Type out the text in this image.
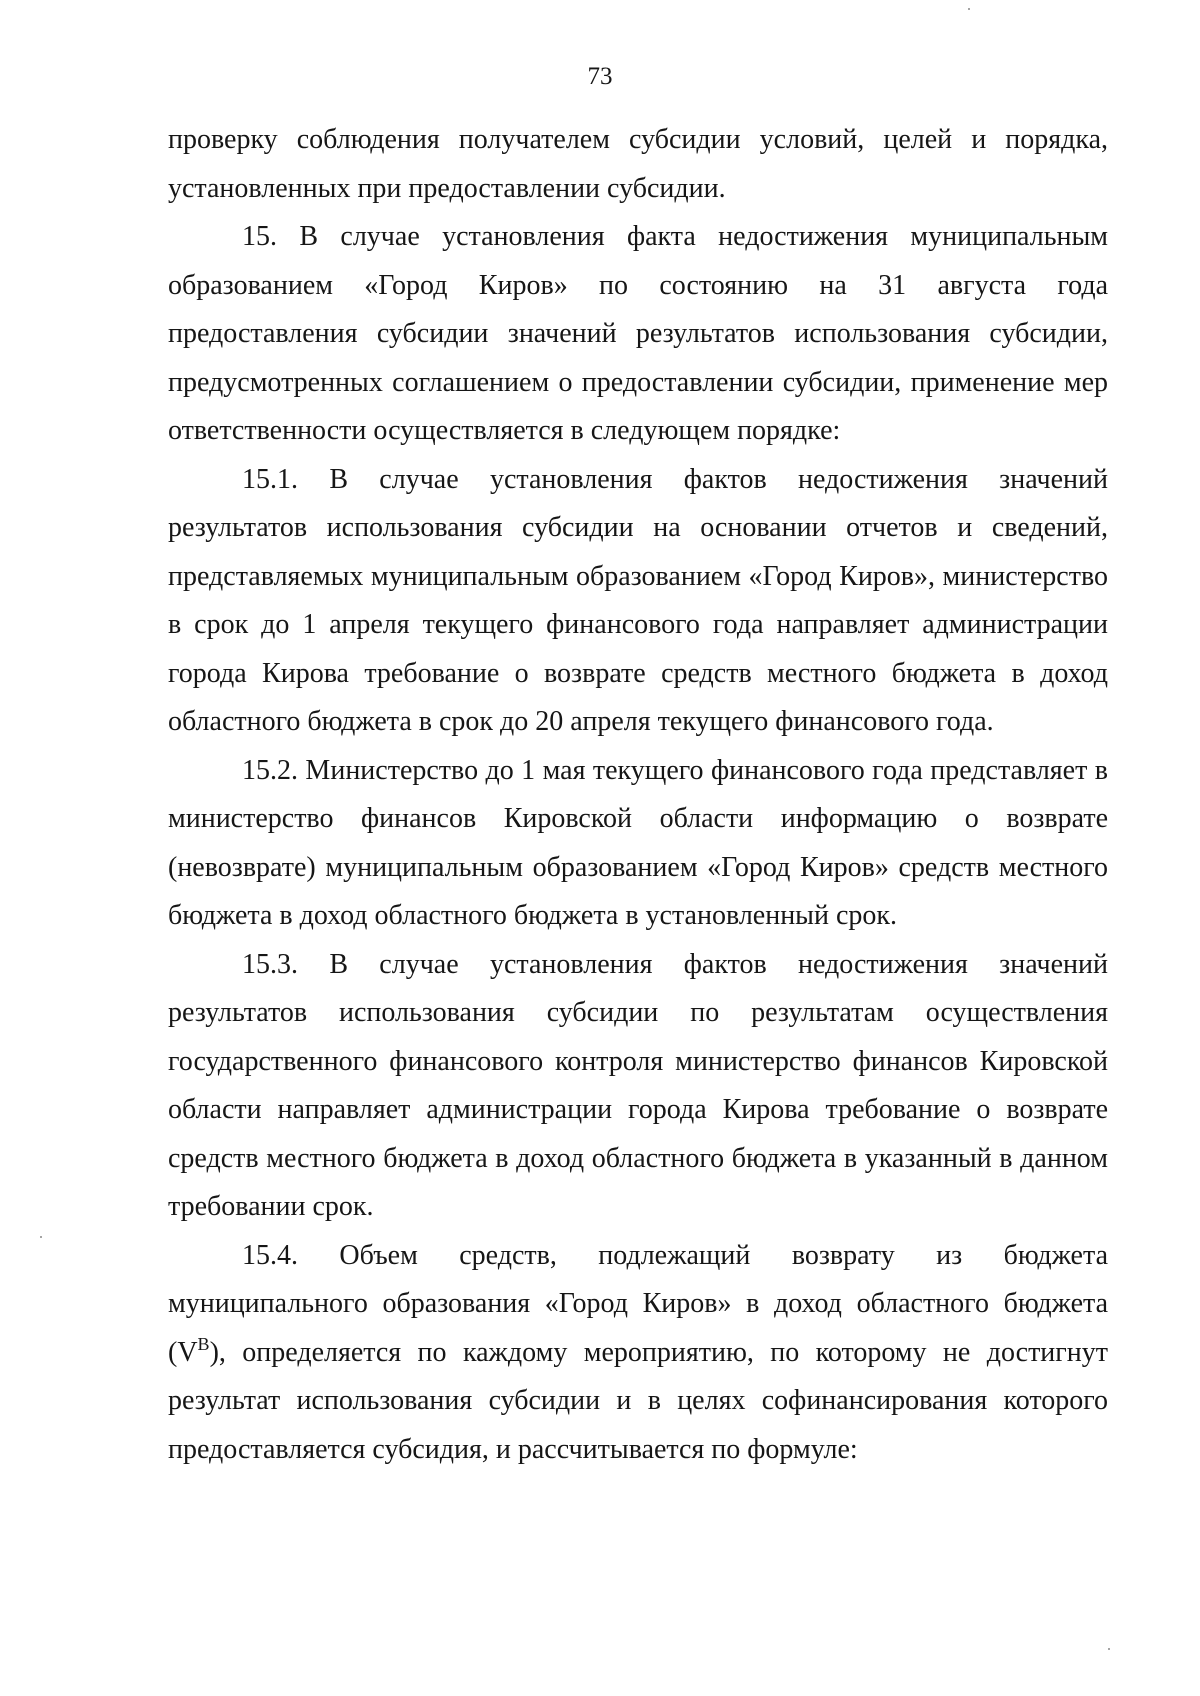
73

проверку соблюдения получателем субсидии условий, целей и порядка, установленных при предоставлении субсидии.

15. В случае установления факта недостижения муниципальным образованием «Город Киров» по состоянию на 31 августа года предоставления субсидии значений результатов использования субсидии, предусмотренных соглашением о предоставлении субсидии, применение мер ответственности осуществляется в следующем порядке:

15.1. В случае установления фактов недостижения значений результатов использования субсидии на основании отчетов и сведений, представляемых муниципальным образованием «Город Киров», министерство в срок до 1 апреля текущего финансового года направляет администрации города Кирова требование о возврате средств местного бюджета в доход областного бюджета в срок до 20 апреля текущего финансового года.

15.2. Министерство до 1 мая текущего финансового года представляет в министерство финансов Кировской области информацию о возврате (невозврате) муниципальным образованием «Город Киров» средств местного бюджета в доход областного бюджета в установленный срок.

15.3. В случае установления фактов недостижения значений результатов использования субсидии по результатам осуществления государственного финансового контроля министерство финансов Кировской области направляет администрации города Кирова требование о возврате средств местного бюджета в доход областного бюджета в указанный в данном требовании срок.

15.4. Объем средств, подлежащий возврату из бюджета муниципального образования «Город Киров» в доход областного бюджета $(V^B)$, определяется по каждому мероприятию, по которому не достигнут результат использования субсидии и в целях софинансирования которого предоставляется субсидия, и рассчитывается по формуле:
